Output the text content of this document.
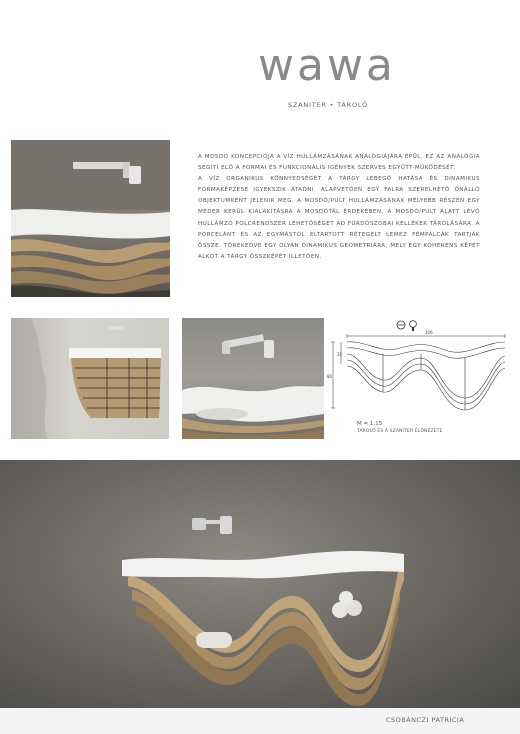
wawa
SZANITER • TÁROLÓ
A MOSDÓ KONCEPCIÓJA A VÍZ HULLÁMZÁSÁNAK ANALÓGIÁJÁRA ÉPÜL. EZ AZ ANALÓGIA SEGÍTI ELŐ A FORMAI ÉS FUNKCIONÁLIS IGÉNYEK SZERVES EGYÜTT-MŰKÖDÉSÉT.
A VÍZ ORGANIKUS KÖNNYEDSÉGÉT A TÁRGY LEBEGŐ HATÁSA ÉS DINAMIKUS FORMAKÉPZÉSE IGYEKSZIK ÁTADNI. ALAPVETŐEN EGY FALRA SZERELHETŐ ÖNÁLLÓ OBJEKTUMKÉNT JELENIK MEG. A MOSDÓ/PULT HULLÁMZÁSÁNAK MÉLYEBB RÉSZÉN EGY MEDER KERÜL KIALAKÍTÁSRA A MOSDÓTÁL ÉRDEKÉBEN. A MOSDÓ/PULT ALATT LÉVŐ HULLÁMZÓ POLCRENDSZER LEHETŐSÉGET AD FÜRDŐSZOBAI KELLÉKEK TÁROLÁSÁRA. A PORCELÁNT ÉS AZ EGYMÁSTÓL ELTARTOTT RÉTEGELT LEMEZ FÉMPÁLCÁK TARTJÁK ÖSSZE. TÖREKEDVE EGY OLYAN DINAMIKUS GEOMETRIÁRA, MELY EGY KOHERENS KÉPET ALKOT A TÁRGY ÖSSZKÉPÉT ILLETŐEN.
106
80
35
M = 1:15
TÁROLÓ ÉS A SZANITER ELŐNÉZETE
CSOBÁNCZI PATRÍCIA
